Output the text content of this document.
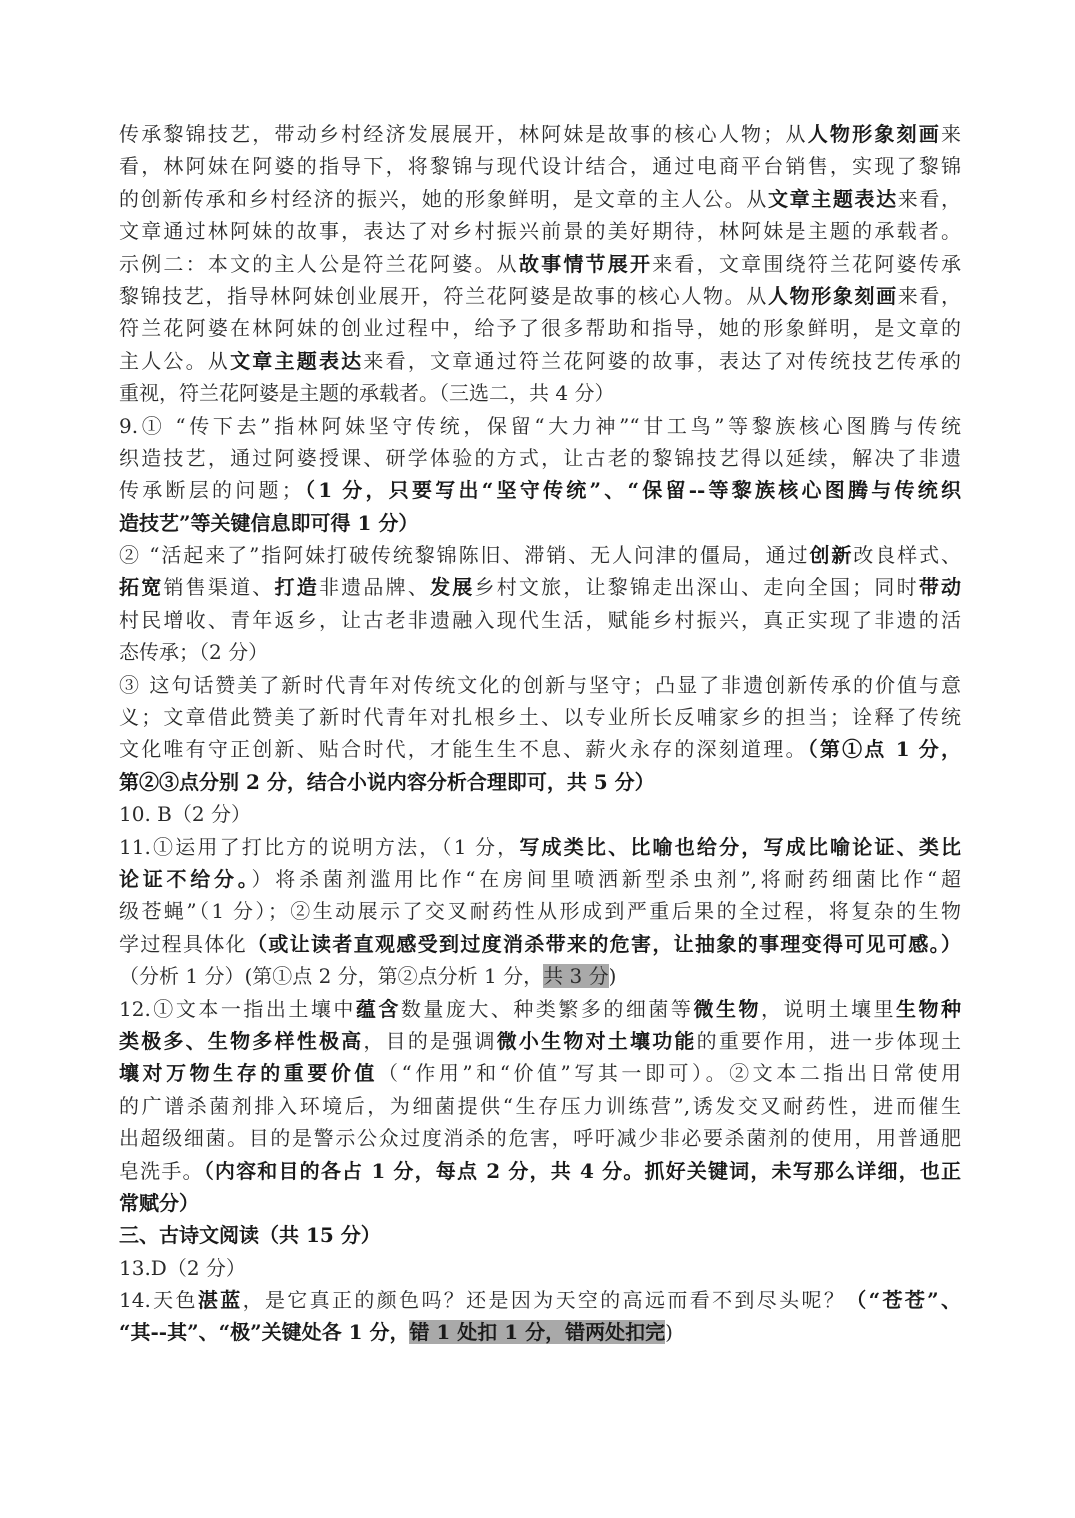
传承黎锦技艺，带动乡村经济发展展开，林阿妹是故事的核心人物；从人物形象刻画来
看，林阿妹在阿婆的指导下，将黎锦与现代设计结合，通过电商平台销售，实现了黎锦
的创新传承和乡村经济的振兴，她的形象鲜明，是文章的主人公。从文章主题表达来看，
文章通过林阿妹的故事，表达了对乡村振兴前景的美好期待，林阿妹是主题的承载者。
示例二：本文的主人公是符兰花阿婆。从故事情节展开来看，文章围绕符兰花阿婆传承
黎锦技艺，指导林阿妹创业展开，符兰花阿婆是故事的核心人物。从人物形象刻画来看，
符兰花阿婆在林阿妹的创业过程中，给予了很多帮助和指导，她的形象鲜明，是文章的
主人公。从文章主题表达来看，文章通过符兰花阿婆的故事，表达了对传统技艺传承的
重视，符兰花阿婆是主题的承载者。（三选二，共 4 分）
9.① “传下去”指林阿妹坚守传统，保留“大力神”“甘工鸟”等黎族核心图腾与传统
织造技艺，通过阿婆授课、研学体验的方式，让古老的黎锦技艺得以延续，解决了非遗
传承断层的问题；（1 分，只要写出“坚守传统”、“保留--等黎族核心图腾与传统织
造技艺”等关键信息即可得 1 分）
② “活起来了”指阿妹打破传统黎锦陈旧、滞销、无人问津的僵局，通过创新改良样式、
拓宽销售渠道、打造非遗品牌、发展乡村文旅，让黎锦走出深山、走向全国；同时带动
村民增收、青年返乡，让古老非遗融入现代生活，赋能乡村振兴，真正实现了非遗的活
态传承；（2 分）
③ 这句话赞美了新时代青年对传统文化的创新与坚守；凸显了非遗创新传承的价值与意
义；文章借此赞美了新时代青年对扎根乡土、以专业所长反哺家乡的担当；诠释了传统
文化唯有守正创新、贴合时代，才能生生不息、薪火永存的深刻道理。（第①点 1 分，
第②③点分别 2 分，结合小说内容分析合理即可，共 5 分）
10. B（2 分）
11.①运用了打比方的说明方法，（1 分，写成类比、比喻也给分，写成比喻论证、类比
论证不给分。）将杀菌剂滥用比作“在房间里喷洒新型杀虫剂”,将耐药细菌比作“超
级苍蝇”（1 分）；②生动展示了交叉耐药性从形成到严重后果的全过程，将复杂的生物
学过程具体化（或让读者直观感受到过度消杀带来的危害，让抽象的事理变得可见可感。）
（分析 1 分）(第①点 2 分，第②点分析 1 分，共 3 分)
12.①文本一指出土壤中蕴含数量庞大、种类繁多的细菌等微生物，说明土壤里生物种
类极多、生物多样性极高，目的是强调微小生物对土壤功能的重要作用，进一步体现土
壤对万物生存的重要价值（“作用”和“价值”写其一即可）。②文本二指出日常使用
的广谱杀菌剂排入环境后，为细菌提供“生存压力训练营”,诱发交叉耐药性，进而催生
出超级细菌。目的是警示公众过度消杀的危害，呼吁减少非必要杀菌剂的使用，用普通肥
皂洗手。（内容和目的各占 1 分，每点 2 分，共 4 分。抓好关键词，未写那么详细，也正
常赋分）
三、古诗文阅读（共 15 分）
13.D（2 分）
14.天色湛蓝，是它真正的颜色吗？还是因为天空的高远而看不到尽头呢？（“苍苍”、
“其--其”、“极”关键处各 1 分，错 1 处扣 1 分，错两处扣完)
